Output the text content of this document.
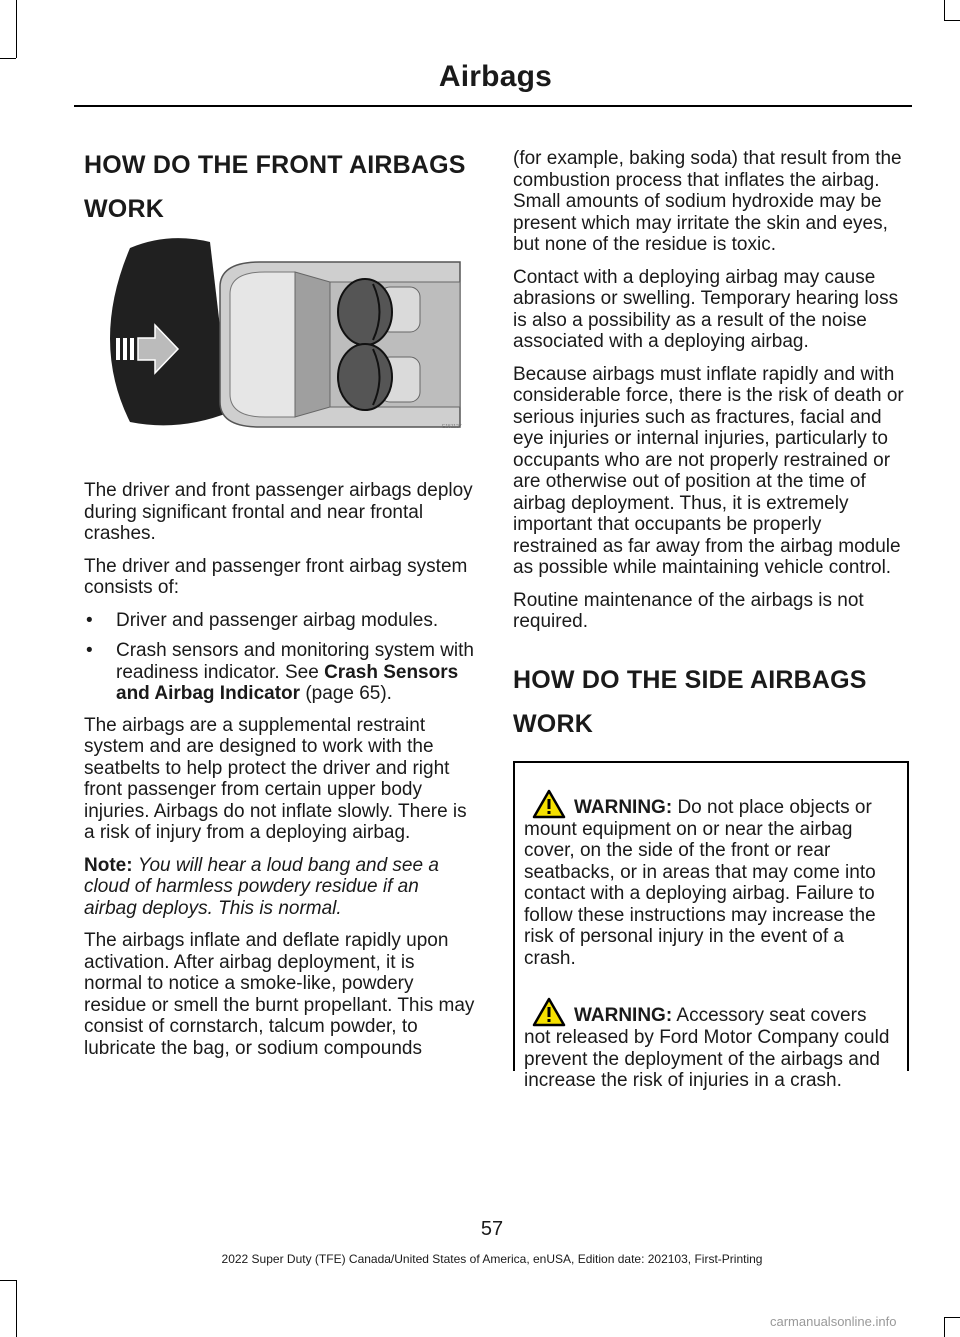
Airbags
HOW DO THE FRONT AIRBAGS
WORK
E151127

The driver and front passenger airbags deploy during significant frontal and near frontal crashes.

The driver and passenger front airbag system consists of:

• Driver and passenger airbag modules.
• Crash sensors and monitoring system with readiness indicator. See Crash Sensors and Airbag Indicator (page 65).

The airbags are a supplemental restraint system and are designed to work with the seatbelts to help protect the driver and right front passenger from certain upper body injuries. Airbags do not inflate slowly. There is a risk of injury from a deploying airbag.

Note: You will hear a loud bang and see a cloud of harmless powdery residue if an airbag deploys. This is normal.

The airbags inflate and deflate rapidly upon activation. After airbag deployment, it is normal to notice a smoke-like, powdery residue or smell the burnt propellant. This may consist of cornstarch, talcum powder, to lubricate the bag, or sodium compounds

(for example, baking soda) that result from the combustion process that inflates the airbag. Small amounts of sodium hydroxide may be present which may irritate the skin and eyes, but none of the residue is toxic.

Contact with a deploying airbag may cause abrasions or swelling. Temporary hearing loss is also a possibility as a result of the noise associated with a deploying airbag.

Because airbags must inflate rapidly and with considerable force, there is the risk of death or serious injuries such as fractures, facial and eye injuries or internal injuries, particularly to occupants who are not properly restrained or are otherwise out of position at the time of airbag deployment. Thus, it is extremely important that occupants be properly restrained as far away from the airbag module as possible while maintaining vehicle control.

Routine maintenance of the airbags is not required.

HOW DO THE SIDE AIRBAGS
WORK
WARNING: Do not place objects or mount equipment on or near the airbag cover, on the side of the front or rear seatbacks, or in areas that may come into contact with a deploying airbag. Failure to follow these instructions may increase the risk of personal injury in the event of a crash.
WARNING: Accessory seat covers not released by Ford Motor Company could prevent the deployment of the airbags and increase the risk of injuries in a crash.
57
2022 Super Duty (TFE) Canada/United States of America, enUSA, Edition date: 202103, First-Printing
carmanualsonline.info
